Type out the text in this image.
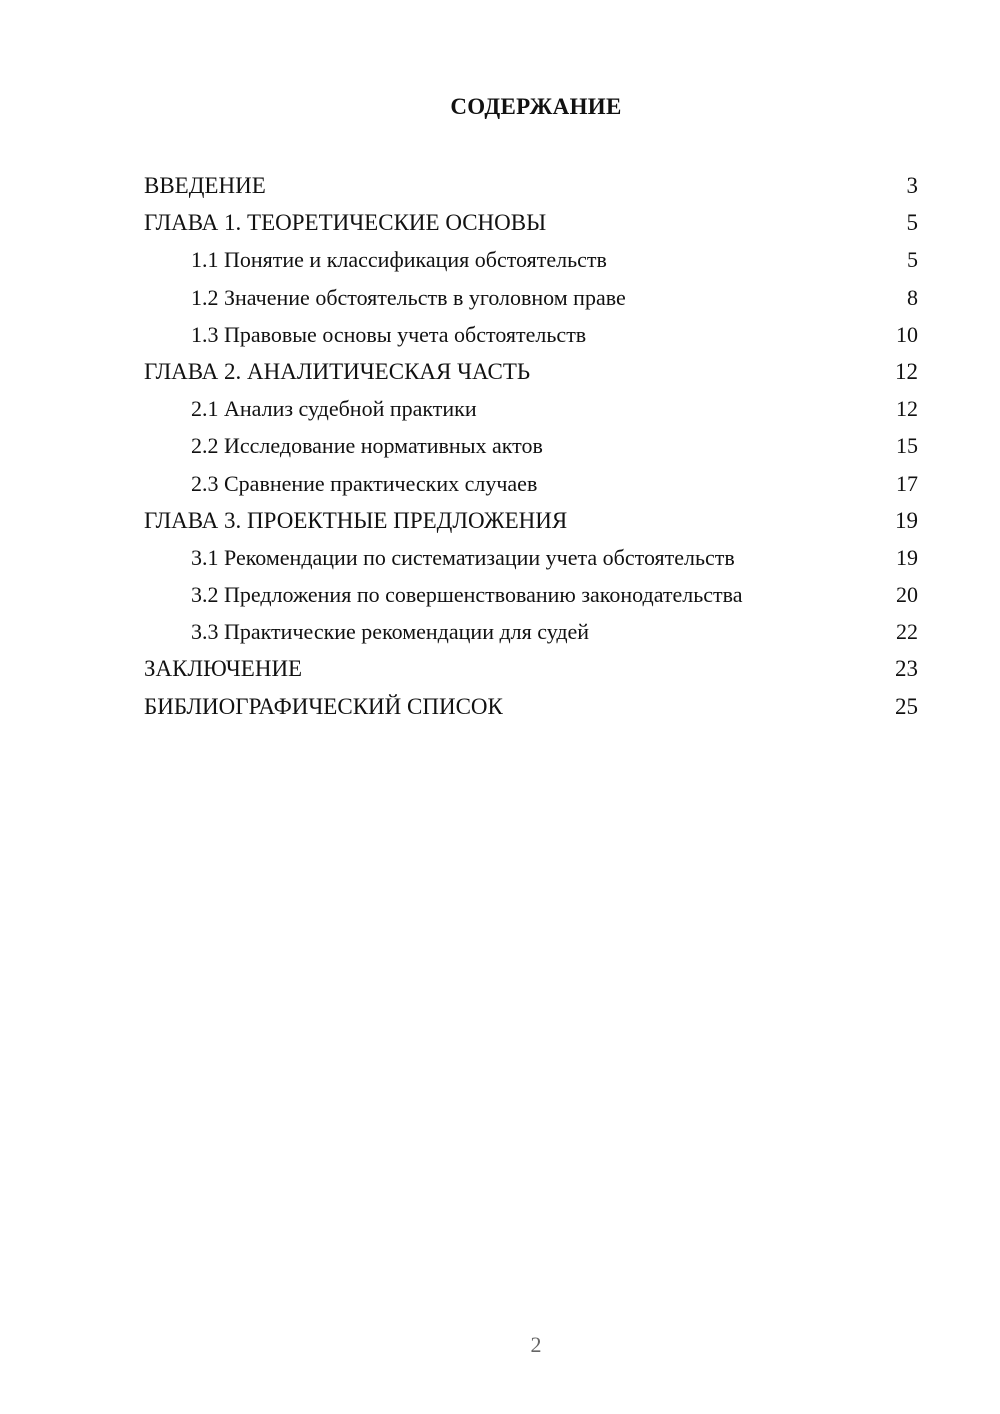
СОДЕРЖАНИЕ
ВВЕДЕНИЕ	3
ГЛАВА 1. ТЕОРЕТИЧЕСКИЕ ОСНОВЫ	5
1.1 Понятие и классификация обстоятельств	5
1.2 Значение обстоятельств в уголовном праве	8
1.3 Правовые основы учета обстоятельств	10
ГЛАВА 2. АНАЛИТИЧЕСКАЯ ЧАСТЬ	12
2.1 Анализ судебной практики	12
2.2 Исследование нормативных актов	15
2.3 Сравнение практических случаев	17
ГЛАВА 3. ПРОЕКТНЫЕ ПРЕДЛОЖЕНИЯ	19
3.1 Рекомендации по систематизации учета обстоятельств	19
3.2 Предложения по совершенствованию законодательства	20
3.3 Практические рекомендации для судей	22
ЗАКЛЮЧЕНИЕ	23
БИБЛИОГРАФИЧЕСКИЙ СПИСОК	25
2
